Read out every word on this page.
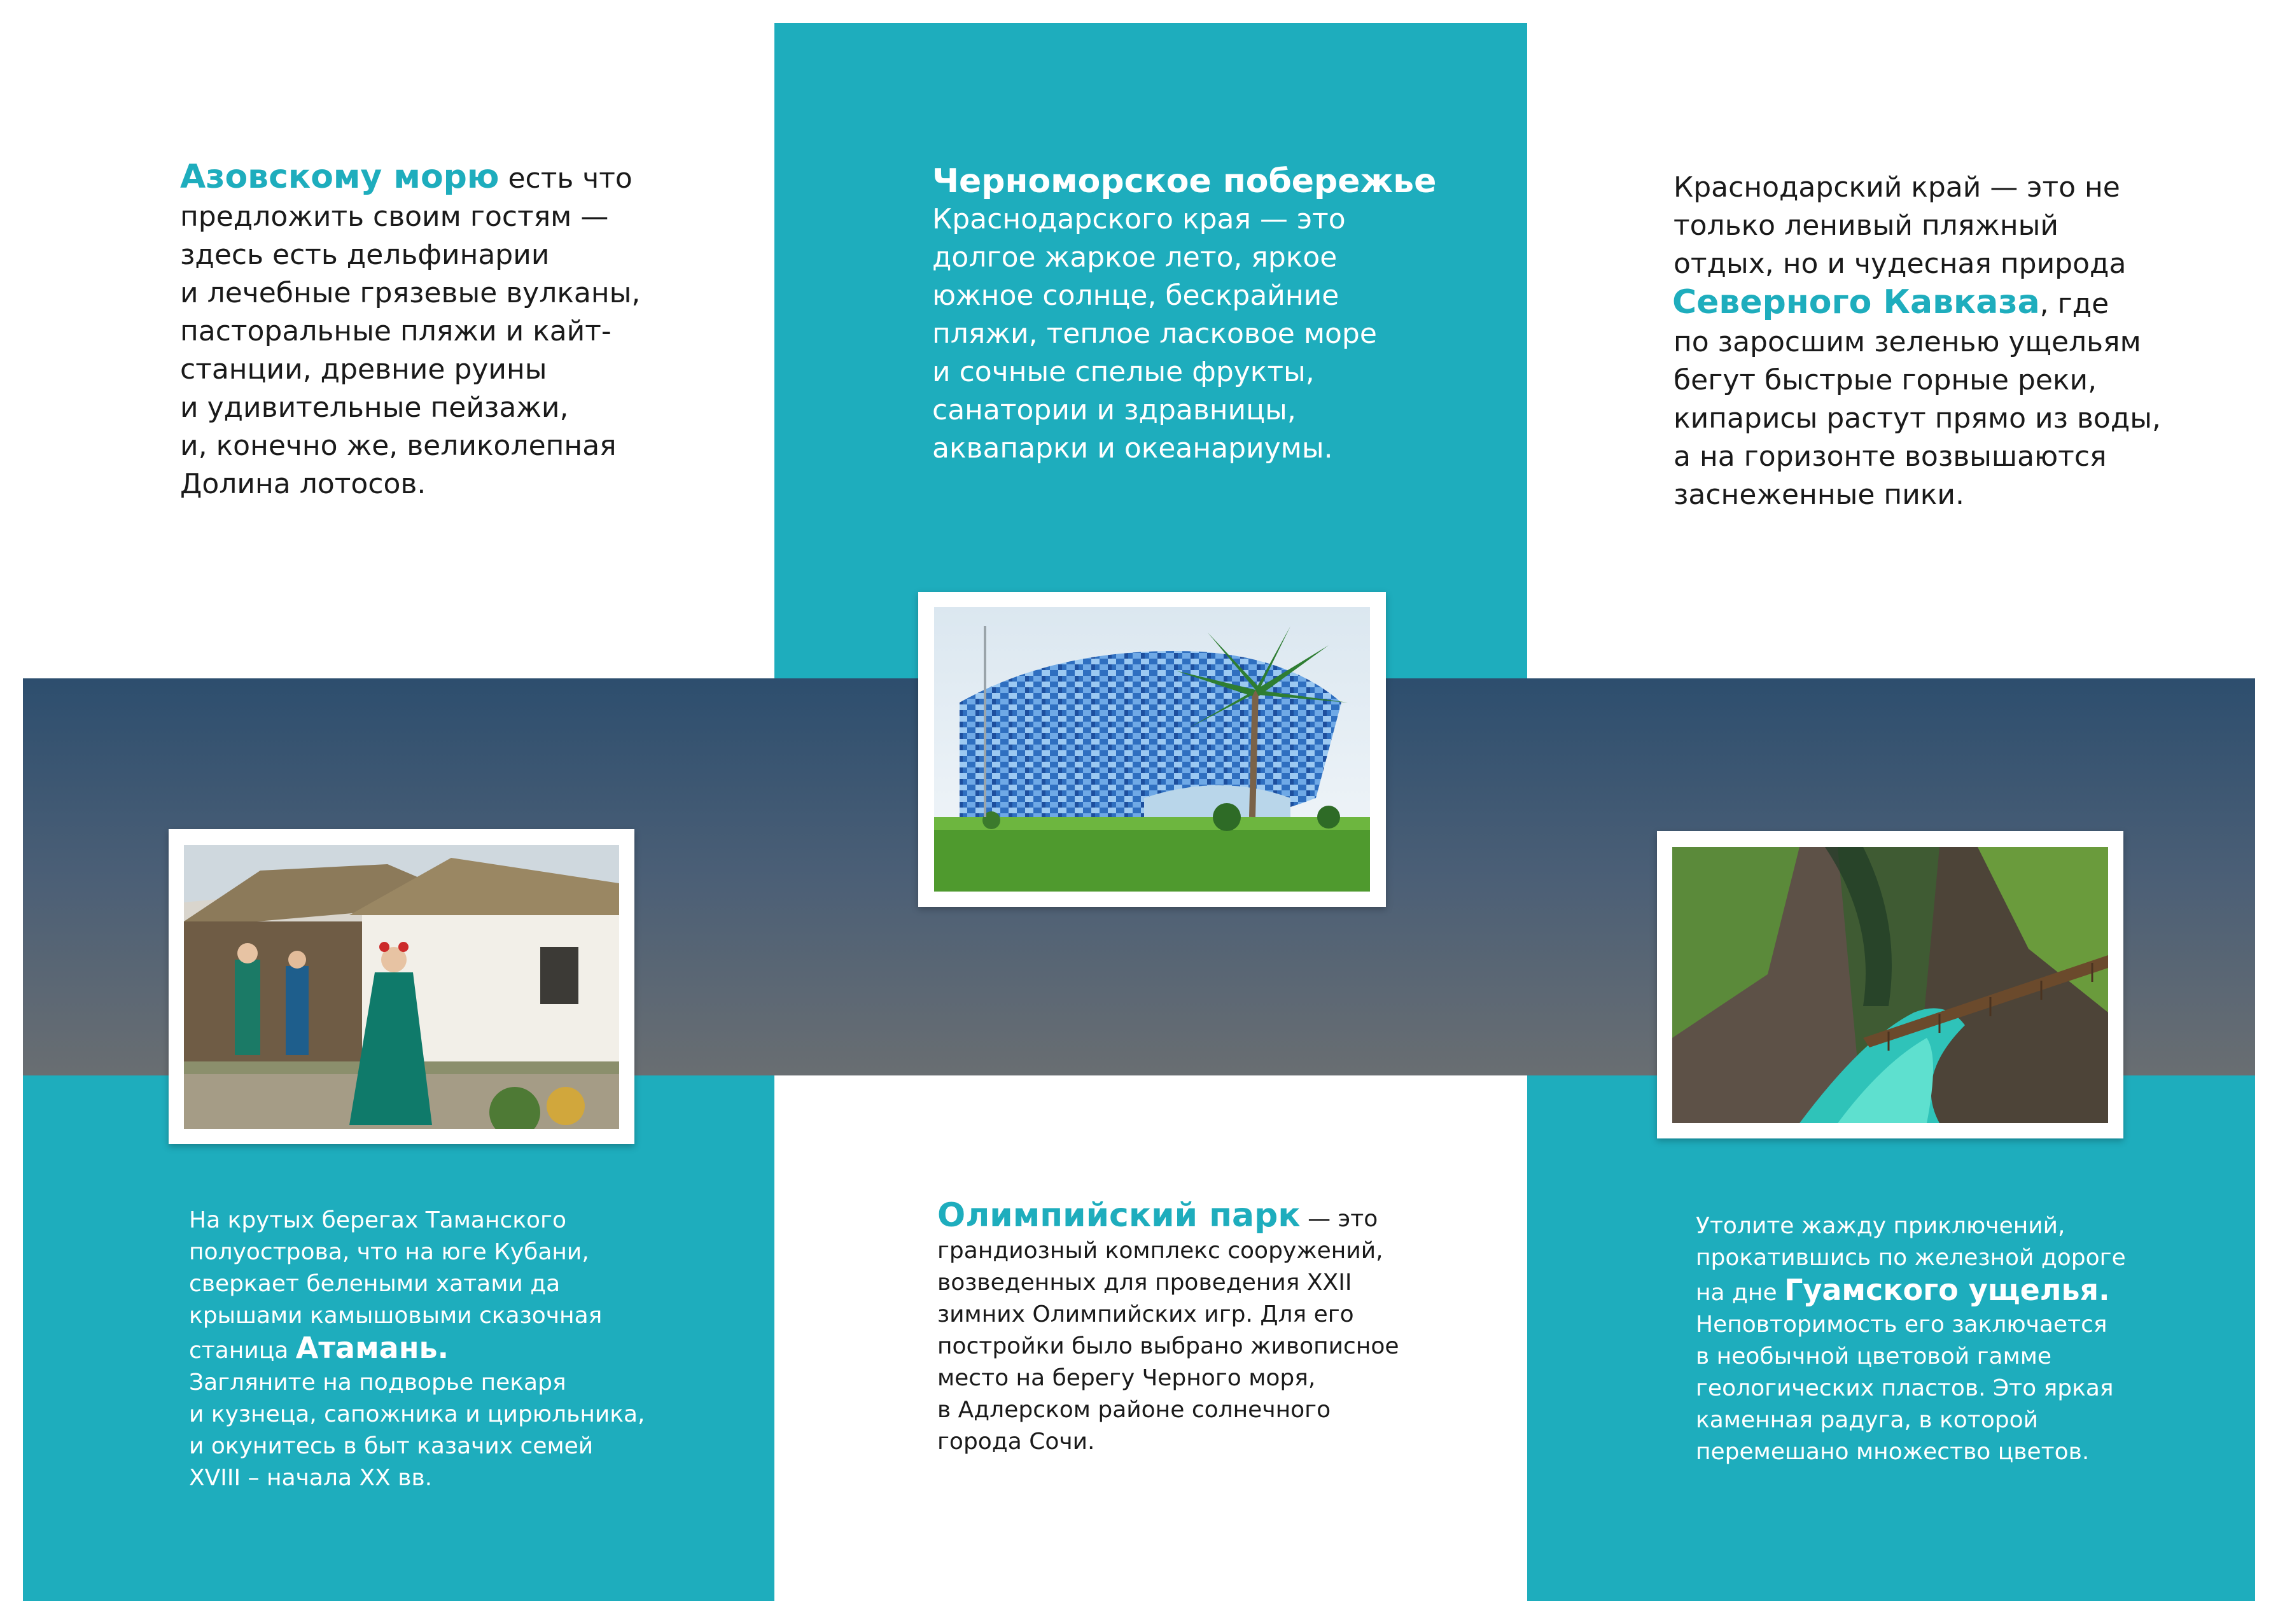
Азовскому морю есть что
предложить своим гостям —
здесь есть дельфинарии
и лечебные грязевые вулканы,
пасторальные пляжи и кайт-
станции, древние руины
и удивительные пейзажи,
и, конечно же, великолепная
Долина лотосов.
Черноморское побережье
Краснодарского края — это
долгое жаркое лето, яркое
южное солнце, бескрайние
пляжи, теплое ласковое море
и сочные спелые фрукты,
санатории и здравницы,
аквапарки и океанариумы.
Краснодарский край — это не
только ленивый пляжный
отдых, но и чудесная природа
Северного Кавказа, где
по заросшим зеленью ущельям
бегут быстрые горные реки,
кипарисы растут прямо из воды,
а на горизонте возвышаются
заснеженные пики.
На крутых берегах Таманского
полуострова, что на юге Кубани,
сверкает белеными хатами да
крышами камышовыми сказочная
станица Атамань.
Загляните на подворье пекаря
и кузнеца, сапожника и цирюльника,
и окунитесь в быт казачих семей
XVIII – начала XX вв.
Олимпийский парк — это
грандиозный комплекс сооружений,
возведенных для проведения XXII
зимних Олимпийских игр. Для его
постройки было выбрано живописное
место на берегу Черного моря,
в Адлерском районе солнечного
города Сочи.
Утолите жажду приключений,
прокатившись по железной дороге
на дне Гуамского ущелья.
Неповторимость его заключается
в необычной цветовой гамме
геологических пластов. Это яркая
каменная радуга, в которой
перемешано множество цветов.
